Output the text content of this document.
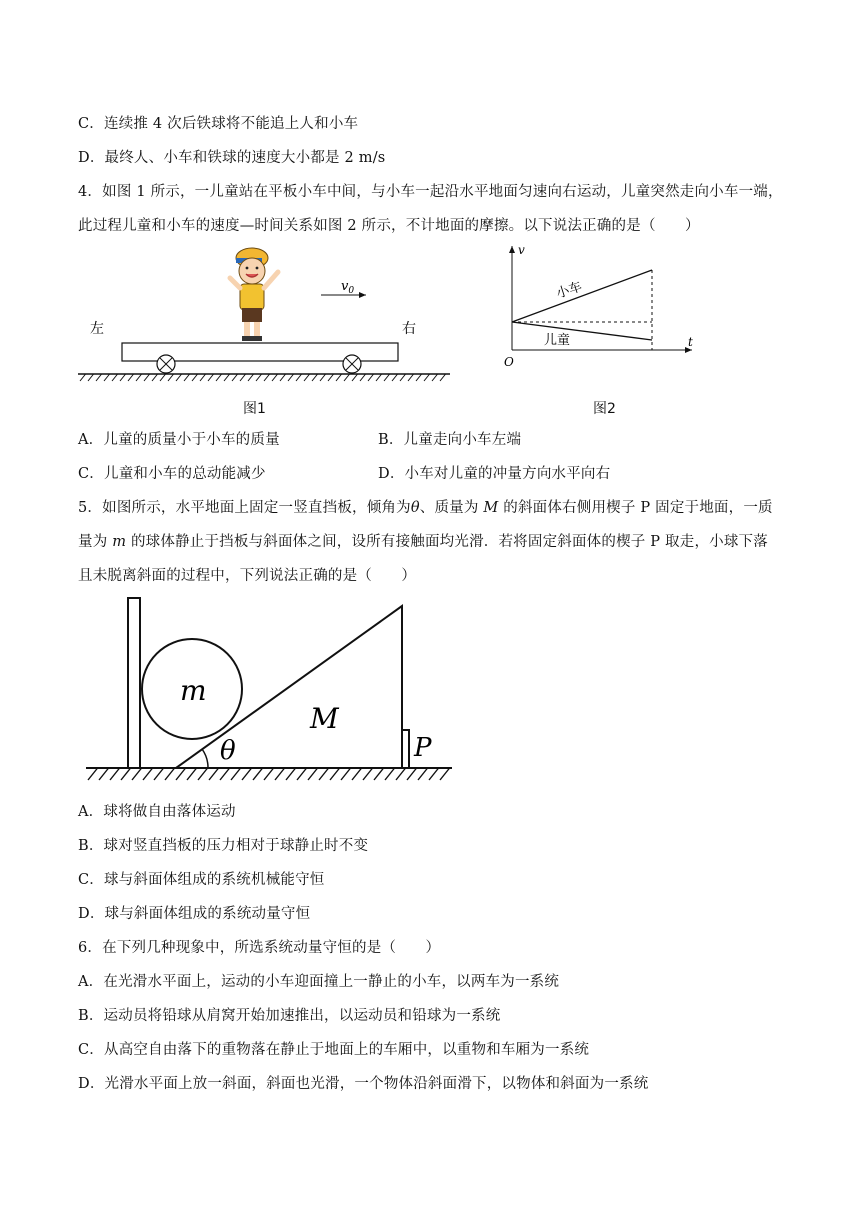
C．连续推 4 次后铁球将不能追上人和小车
D．最终人、小车和铁球的速度大小都是 2 m/s
4．如图 1 所示，一儿童站在平板小车中间，与小车一起沿水平地面匀速向右运动，儿童突然走向小车一端，
此过程儿童和小车的速度—时间关系如图 2 所示，不计地面的摩擦。以下说法正确的是（　　）
$v_0$
左	右
图1
v
t
O
小车
儿童
图2
A．儿童的质量小于小车的质量	B．儿童走向小车左端
C．儿童和小车的总动能减少	D．小车对儿童的冲量方向水平向右
5．如图所示，水平地面上固定一竖直挡板，倾角为θ、质量为 M 的斜面体右侧用楔子 P 固定于地面，一质
量为 m 的球体静止于挡板与斜面体之间，设所有接触面均光滑．若将固定斜面体的楔子 P 取走，小球下落
且未脱离斜面的过程中，下列说法正确的是（　　）
m
M
θ	P
A．球将做自由落体运动
B．球对竖直挡板的压力相对于球静止时不变
C．球与斜面体组成的系统机械能守恒
D．球与斜面体组成的系统动量守恒
6．在下列几种现象中，所选系统动量守恒的是（　　）
A．在光滑水平面上，运动的小车迎面撞上一静止的小车，以两车为一系统
B．运动员将铅球从肩窝开始加速推出，以运动员和铅球为一系统
C．从高空自由落下的重物落在静止于地面上的车厢中，以重物和车厢为一系统
D．光滑水平面上放一斜面，斜面也光滑，一个物体沿斜面滑下，以物体和斜面为一系统
